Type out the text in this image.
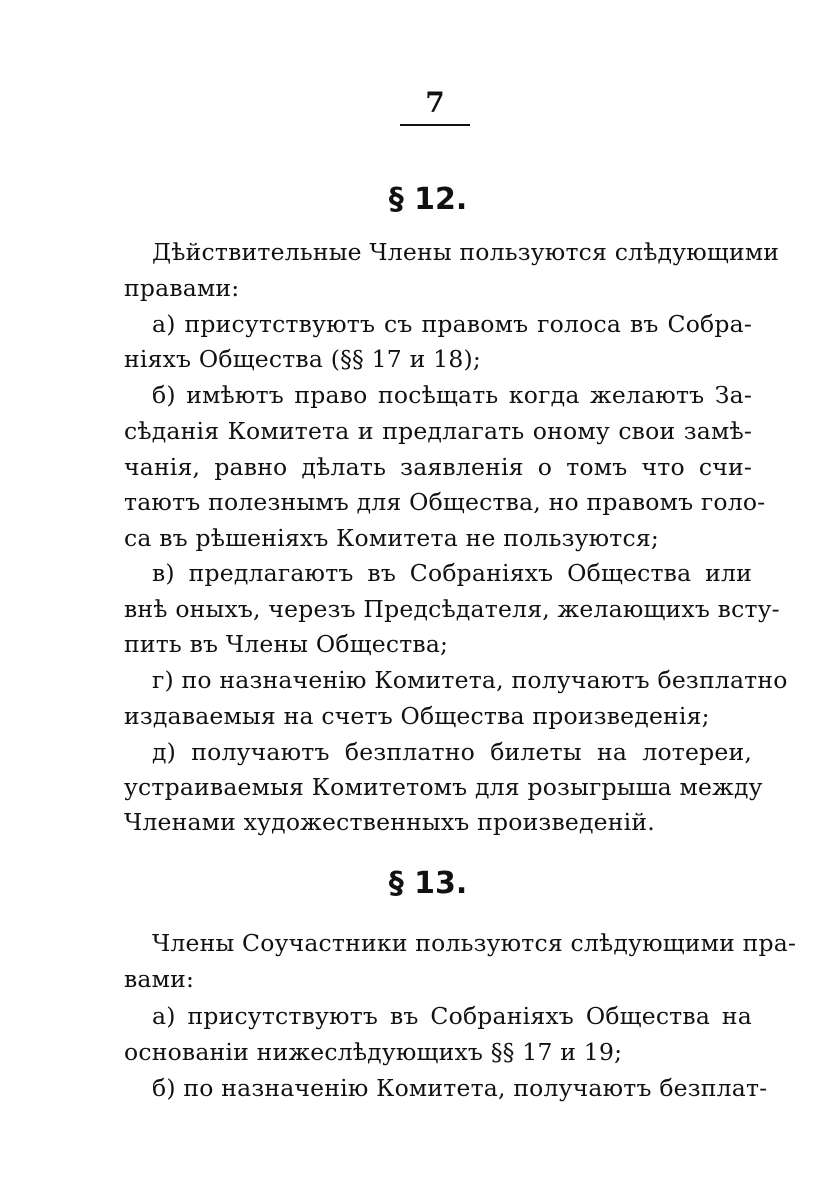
7
§ 12.
Дѣйствительные Члены пользуются слѣдующими
правами:
а) присутствуютъ съ правомъ голоса въ Собра-
ніяхъ Общества (§§ 17 и 18);
б) имѣютъ право посѣщать когда желаютъ За-
сѣданія Комитета и предлагать оному свои замѣ-
чанія, равно дѣлать заявленія о томъ что счи-
таютъ полезнымъ для Общества, но правомъ голо-
са въ рѣшеніяхъ Комитета не пользуются;
в) предлагаютъ въ Собраніяхъ Общества или
внѣ оныхъ, черезъ Предсѣдателя, желающихъ всту-
пить въ Члены Общества;
г) по назначенію Комитета, получаютъ безплатно
издаваемыя на счетъ Общества произведенія;
д) получаютъ безплатно билеты на лотереи,
устраиваемыя Комитетомъ для розыгрыша между
Членами художественныхъ произведеній.
§ 13.
Члены Соучастники пользуются слѣдующими пра-
вами:
а) присутствуютъ въ Собраніяхъ Общества на
основаніи нижеслѣдующихъ §§ 17 и 19;
б) по назначенію Комитета, получаютъ безплат-
